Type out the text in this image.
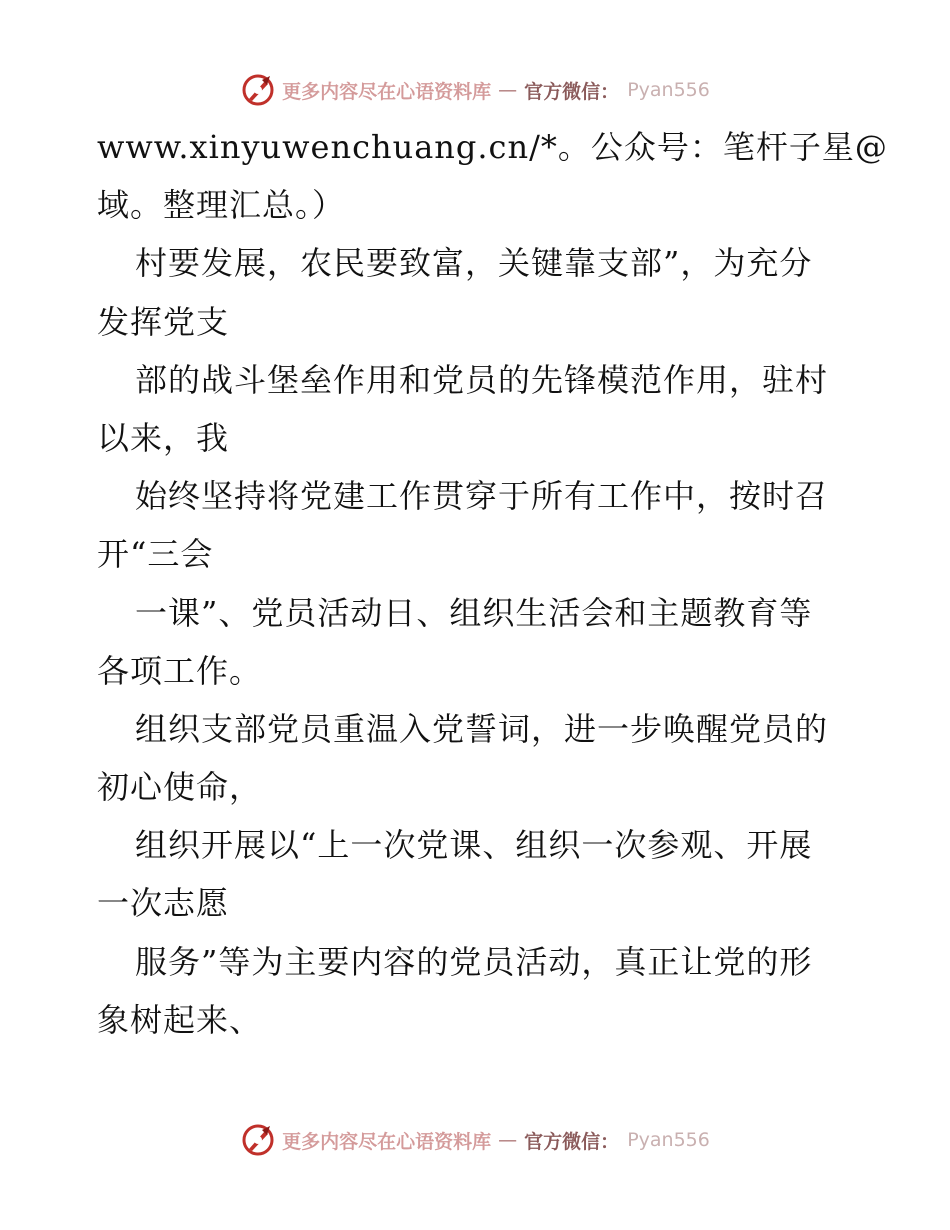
更多内容尽在心语资料库 — 官方微信： Pyan556
www.xinyuwenchuang.cn/*。公众号：笔杆子星@
域。整理汇总。）
村要发展，农民要致富，关键靠支部”，为充分
发挥党支
部的战斗堡垒作用和党员的先锋模范作用，驻村
以来，我
始终坚持将党建工作贯穿于所有工作中，按时召
开“三会
一课”、党员活动日、组织生活会和主题教育等
各项工作。
组织支部党员重温入党誓词，进一步唤醒党员的
初心使命，
组织开展以“上一次党课、组织一次参观、开展
一次志愿
服务”等为主要内容的党员活动，真正让党的形
象树起来、
更多内容尽在心语资料库 — 官方微信： Pyan556
